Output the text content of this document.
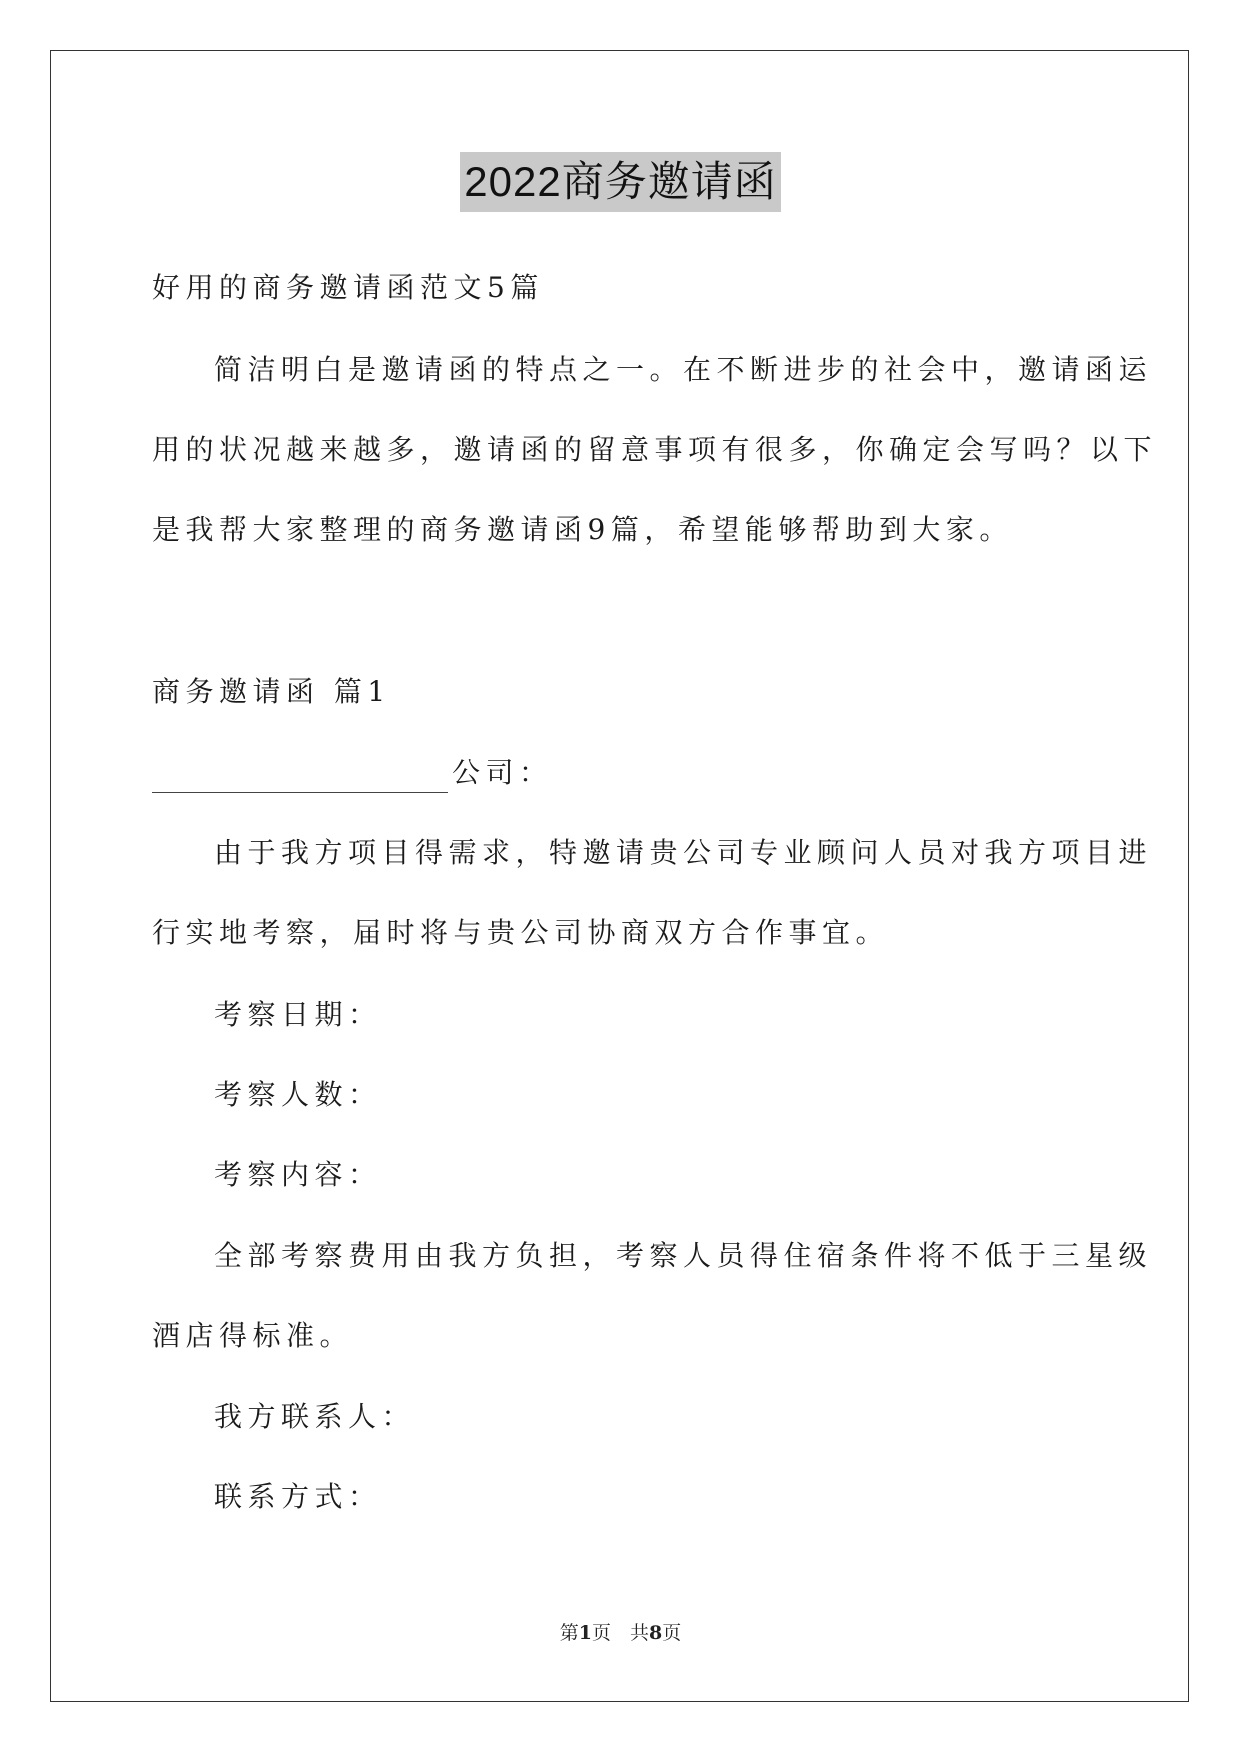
2022商务邀请函
好用的商务邀请函范文5篇
简洁明白是邀请函的特点之一。在不断进步的社会中，邀请函运
用的状况越来越多，邀请函的留意事项有很多，你确定会写吗？以下
是我帮大家整理的商务邀请函9篇，希望能够帮助到大家。
商务邀请函 篇1
公司：
由于我方项目得需求，特邀请贵公司专业顾问人员对我方项目进
行实地考察，届时将与贵公司协商双方合作事宜。
考察日期：
考察人数：
考察内容：
全部考察费用由我方负担，考察人员得住宿条件将不低于三星级
酒店得标准。
我方联系人：
联系方式：
第1页　共8页
